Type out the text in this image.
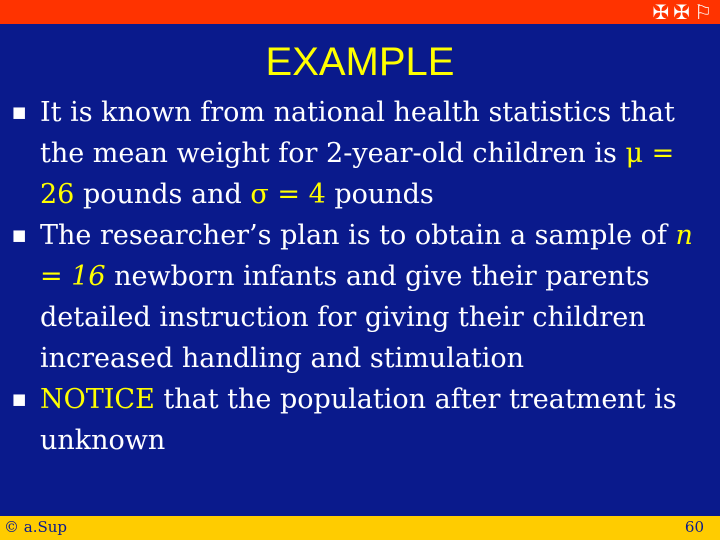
✠ ✠ ⚐
EXAMPLE
■ It is known from national health statistics that the mean weight for 2-year-old children is μ = 26 pounds and σ = 4 pounds
■ The researcher’s plan is to obtain a sample of n = 16 newborn infants and give their parents detailed instruction for giving their children increased handling and stimulation
■ NOTICE that the population after treatment is unknown
© a.Sup	60
